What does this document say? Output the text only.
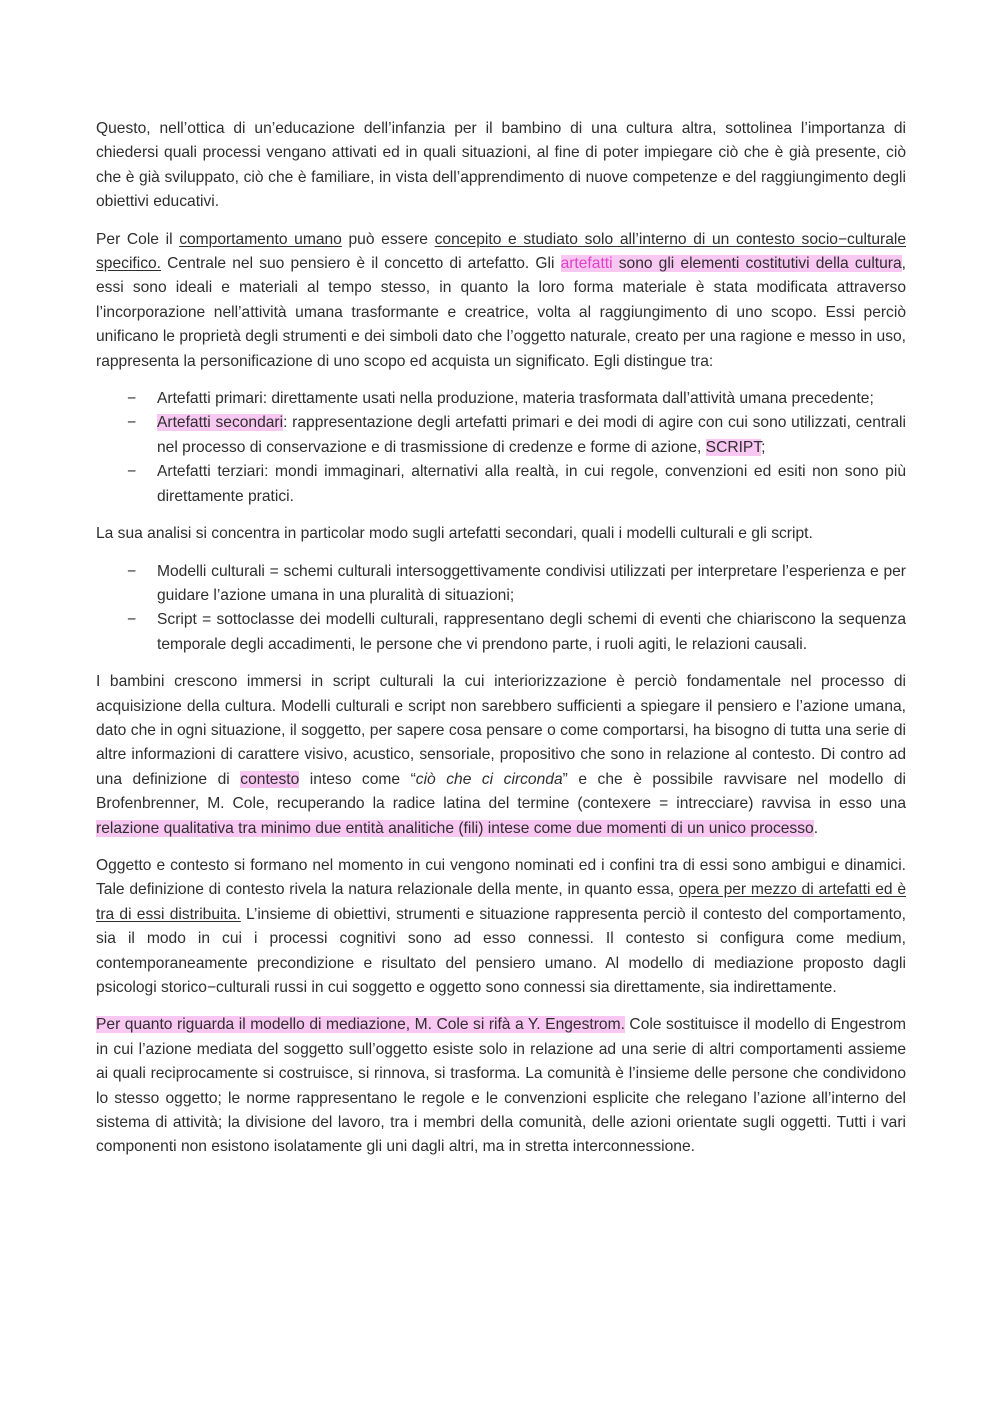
Questo, nell’ottica di un’educazione dell’infanzia per il bambino di una cultura altra, sottolinea l’importanza di chiedersi quali processi vengano attivati ed in quali situazioni, al fine di poter impiegare ciò che è già presente, ciò che è già sviluppato, ciò che è familiare, in vista dell’apprendimento di nuove competenze e del raggiungimento degli obiettivi educativi.

Per Cole il comportamento umano può essere concepito e studiato solo all’interno di un contesto socio−culturale specifico. Centrale nel suo pensiero è il concetto di artefatto. Gli artefatti sono gli elementi costitutivi della cultura, essi sono ideali e materiali al tempo stesso, in quanto la loro forma materiale è stata modificata attraverso l’incorporazione nell’attività umana trasformante e creatrice, volta al raggiungimento di uno scopo. Essi perciò unificano le proprietà degli strumenti e dei simboli dato che l’oggetto naturale, creato per una ragione e messo in uso, rappresenta la personificazione di uno scopo ed acquista un significato. Egli distingue tra:

− Artefatti primari: direttamente usati nella produzione, materia trasformata dall’attività umana precedente;
− Artefatti secondari: rappresentazione degli artefatti primari e dei modi di agire con cui sono utilizzati, centrali nel processo di conservazione e di trasmissione di credenze e forme di azione, SCRIPT;
− Artefatti terziari: mondi immaginari, alternativi alla realtà, in cui regole, convenzioni ed esiti non sono più direttamente pratici.

La sua analisi si concentra in particolar modo sugli artefatti secondari, quali i modelli culturali e gli script.

− Modelli culturali = schemi culturali intersoggettivamente condivisi utilizzati per interpretare l’esperienza e per guidare l’azione umana in una pluralità di situazioni;
− Script = sottoclasse dei modelli culturali, rappresentano degli schemi di eventi che chiariscono la sequenza temporale degli accadimenti, le persone che vi prendono parte, i ruoli agiti, le relazioni causali.

I bambini crescono immersi in script culturali la cui interiorizzazione è perciò fondamentale nel processo di acquisizione della cultura. Modelli culturali e script non sarebbero sufficienti a spiegare il pensiero e l’azione umana, dato che in ogni situazione, il soggetto, per sapere cosa pensare o come comportarsi, ha bisogno di tutta una serie di altre informazioni di carattere visivo, acustico, sensoriale, propositivo che sono in relazione al contesto. Di contro ad una definizione di contesto inteso come “ciò che ci circonda” e che è possibile ravvisare nel modello di Brofenbrenner, M. Cole, recuperando la radice latina del termine (contexere = intrecciare) ravvisa in esso una relazione qualitativa tra minimo due entità analitiche (fili) intese come due momenti di un unico processo.

Oggetto e contesto si formano nel momento in cui vengono nominati ed i confini tra di essi sono ambigui e dinamici. Tale definizione di contesto rivela la natura relazionale della mente, in quanto essa, opera per mezzo di artefatti ed è tra di essi distribuita. L’insieme di obiettivi, strumenti e situazione rappresenta perciò il contesto del comportamento, sia il modo in cui i processi cognitivi sono ad esso connessi. Il contesto si configura come medium, contemporaneamente precondizione e risultato del pensiero umano. Al modello di mediazione proposto dagli psicologi storico−culturali russi in cui soggetto e oggetto sono connessi sia direttamente, sia indirettamente.

Per quanto riguarda il modello di mediazione, M. Cole si rifà a Y. Engestrom. Cole sostituisce il modello di Engestrom in cui l’azione mediata del soggetto sull’oggetto esiste solo in relazione ad una serie di altri comportamenti assieme ai quali reciprocamente si costruisce, si rinnova, si trasforma. La comunità è l’insieme delle persone che condividono lo stesso oggetto; le norme rappresentano le regole e le convenzioni esplicite che relegano l’azione all’interno del sistema di attività; la divisione del lavoro, tra i membri della comunità, delle azioni orientate sugli oggetti. Tutti i vari componenti non esistono isolatamente gli uni dagli altri, ma in stretta interconnessione.
